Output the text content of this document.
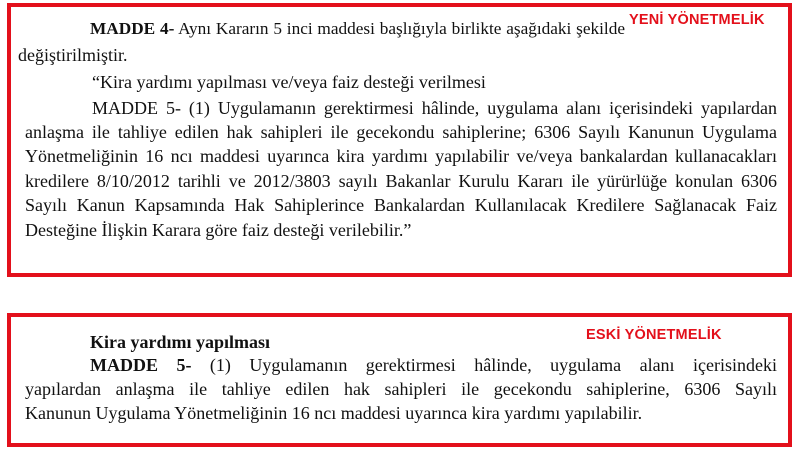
YENİ YÖNETMELİK
MADDE 4- Aynı Kararın 5 inci maddesi başlığıyla birlikte aşağıdaki şekilde
değiştirilmiştir.
“Kira yardımı yapılması ve/veya faiz desteği verilmesi
MADDE 5- (1) Uygulamanın gerektirmesi hâlinde, uygulama alanı içerisindeki yapılardan
anlaşma ile tahliye edilen hak sahipleri ile gecekondu sahiplerine; 6306 Sayılı Kanunun Uygulama
Yönetmeliğinin 16 ncı maddesi uyarınca kira yardımı yapılabilir ve/veya bankalardan kullanacakları
kredilere 8/10/2012 tarihli ve 2012/3803 sayılı Bakanlar Kurulu Kararı ile yürürlüğe konulan 6306
Sayılı Kanun Kapsamında Hak Sahiplerince Bankalardan Kullanılacak Kredilere Sağlanacak Faiz
Desteğine İlişkin Karara göre faiz desteği verilebilir.”
ESKİ YÖNETMELİK
Kira yardımı yapılması
MADDE 5- (1) Uygulamanın gerektirmesi hâlinde, uygulama alanı içerisindeki
yapılardan anlaşma ile tahliye edilen hak sahipleri ile gecekondu sahiplerine, 6306 Sayılı
Kanunun Uygulama Yönetmeliğinin 16 ncı maddesi uyarınca kira yardımı yapılabilir.
